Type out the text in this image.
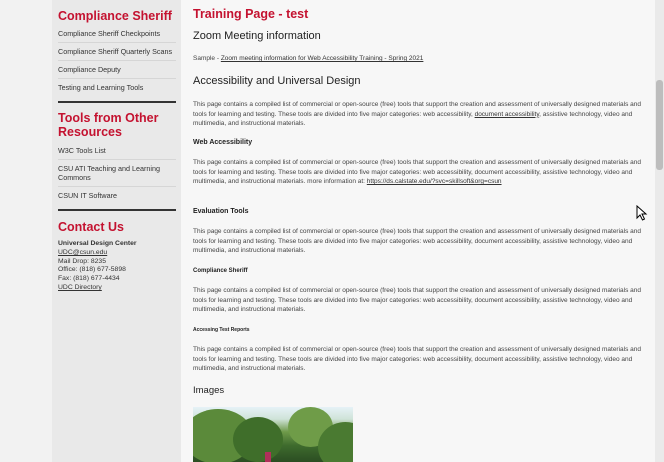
Compliance Sheriff
Compliance Sheriff Checkpoints
Compliance Sheriff Quarterly Scans
Compliance Deputy
Testing and Learning Tools
Tools from Other Resources
W3C Tools List
CSU ATI Teaching and Learning Commons
CSUN IT Software
Contact Us
Universal Design Center
UDC@csun.edu
Mail Drop: 8235
Office: (818) 677-5898
Fax: (818) 677-4434
UDC Directory
Training Page - test
Zoom Meeting information

Sample - Zoom meeting information for Web Accessibility Training - Spring 2021

Accessibility and Universal Design

This page contains a compiled list of commercial or open-source (free) tools that support the creation and assessment of universally designed materials and tools for learning and testing. These tools are divided into five major categories: web accessibility, document accessibility, assistive technology, video and multimedia, and instructional materials.

Web Accessibility

This page contains a compiled list of commercial or open-source (free) tools that support the creation and assessment of universally designed materials and tools for learning and testing. These tools are divided into five major categories: web accessibility, document accessibility, assistive technology, video and multimedia, and instructional materials. more information at: https://ds.calstate.edu/?svc=skillsoft&org=csun

Evaluation Tools

This page contains a compiled list of commercial or open-source (free) tools that support the creation and assessment of universally designed materials and tools for learning and testing. These tools are divided into five major categories: web accessibility, document accessibility, assistive technology, video and multimedia, and instructional materials.

Compliance Sheriff

This page contains a compiled list of commercial or open-source (free) tools that support the creation and assessment of universally designed materials and tools for learning and testing. These tools are divided into five major categories: web accessibility, document accessibility, assistive technology, video and multimedia, and instructional materials.

Accessing Test Reports

This page contains a compiled list of commercial or open-source (free) tools that support the creation and assessment of universally designed materials and tools for learning and testing. These tools are divided into five major categories: web accessibility, document accessibility, assistive technology, video and multimedia, and instructional materials.

Images
